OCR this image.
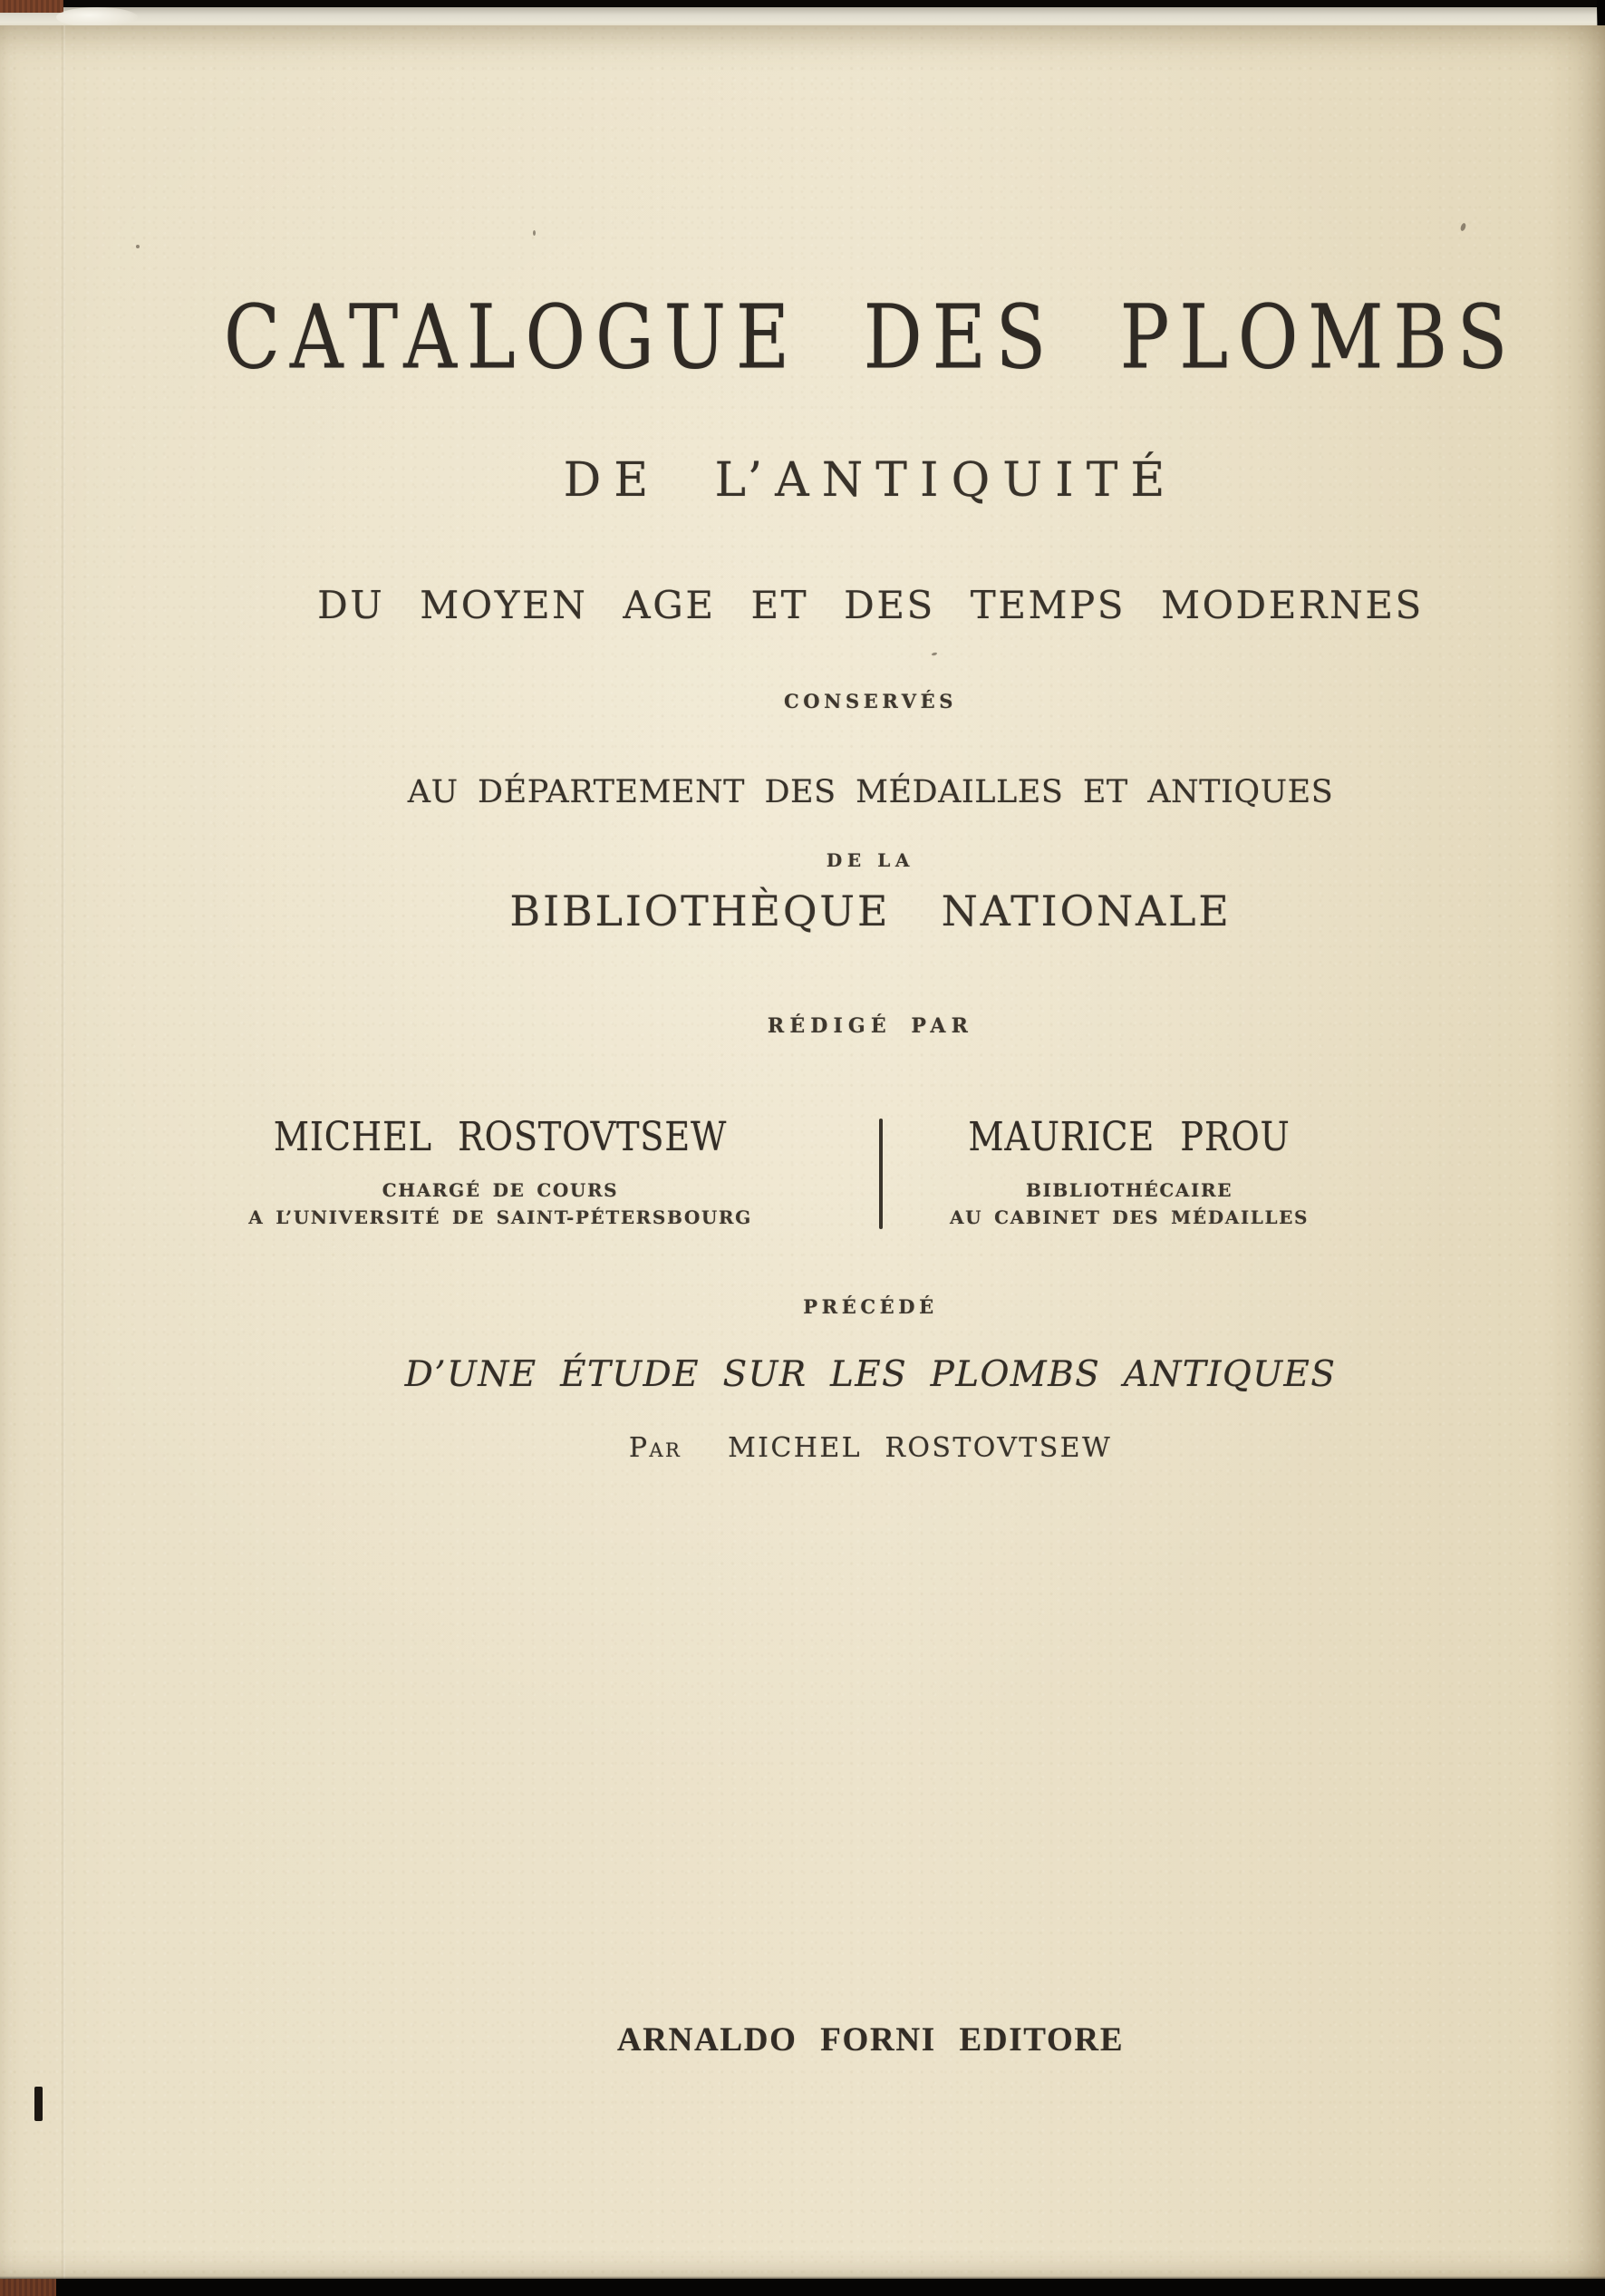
CATALOGUE DES PLOMBS
DE L’ANTIQUITÉ
DU MOYEN AGE ET DES TEMPS MODERNES
CONSERVÉS
AU DÉPARTEMENT DES MÉDAILLES ET ANTIQUES
DE LA
BIBLIOTHÈQUE NATIONALE
RÉDIGÉ PAR
MICHEL ROSTOVTSEW
CHARGÉ DE COURS
A L’UNIVERSITÉ DE SAINT-PÉTERSBOURG
MAURICE PROU
BIBLIOTHÉCAIRE
AU CABINET DES MÉDAILLES
PRÉCÉDÉ
D’UNE ÉTUDE SUR LES PLOMBS ANTIQUES
Par MICHEL ROSTOVTSEW
ARNALDO FORNI EDITORE
